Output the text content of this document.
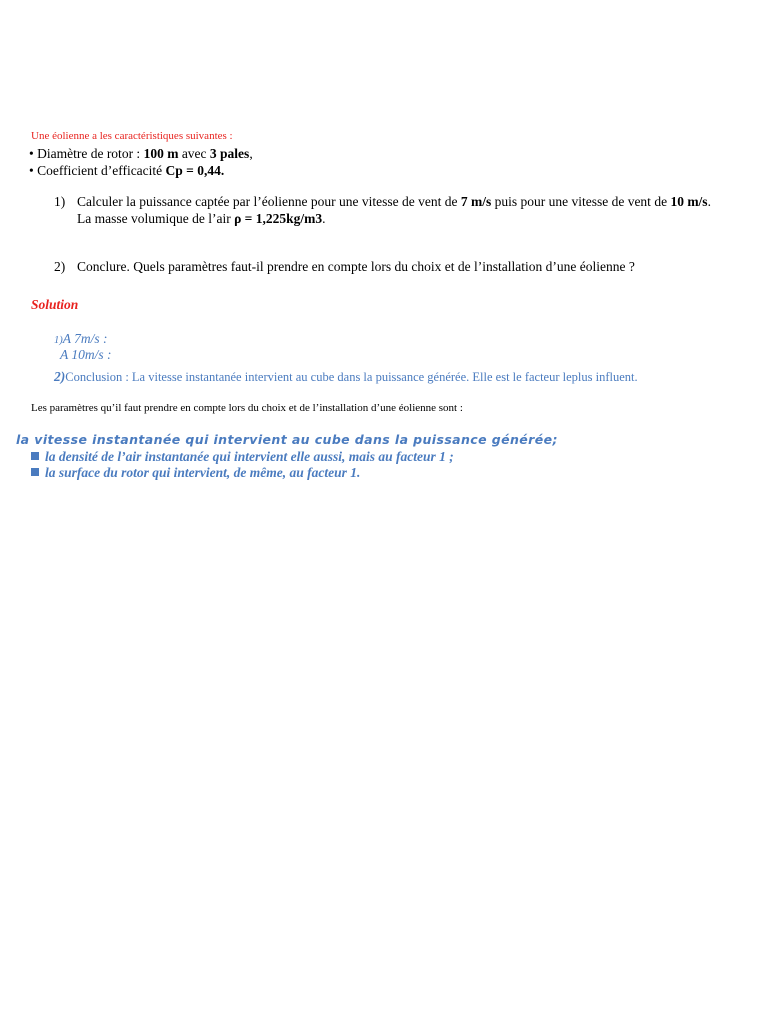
Une éolienne a les caractéristiques suivantes :
• Diamètre de rotor : 100 m avec 3 pales,
• Coefficient d’efficacité Cp = 0,44.
1) Calculer la puissance captée par l’éolienne pour une vitesse de vent de 7 m/s puis pour une vitesse de vent de 10 m/s.
La masse volumique de l’air ρ = 1,225kg/m3.
2) Conclure. Quels paramètres faut-il prendre en compte lors du choix et de l’installation d’une éolienne ?
Solution
1)A 7m/s :
A 10m/s :
2)Conclusion : La vitesse instantanée intervient au cube dans la puissance générée. Elle est le facteur leplus influent.
Les paramètres qu’il faut prendre en compte lors du choix et de l’installation d’une éolienne sont :
la vitesse instantanée qui intervient au cube dans la puissance générée;
la densité de l’air instantanée qui intervient elle aussi, mais au facteur 1 ;
la surface du rotor qui intervient, de même, au facteur 1.
